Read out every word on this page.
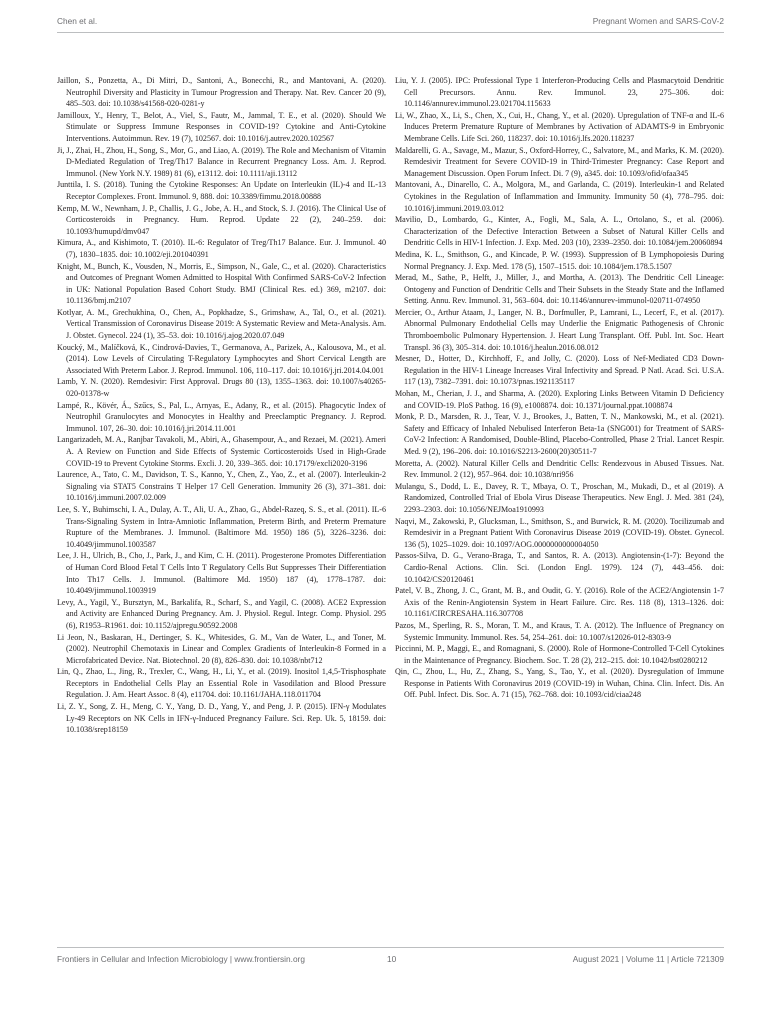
Chen et al.	Pregnant Women and SARS-CoV-2

Jaillon, S., Ponzetta, A., Di Mitri, D., Santoni, A., Bonecchi, R., and Mantovani, A. (2020). Neutrophil Diversity and Plasticity in Tumour Progression and Therapy. Nat. Rev. Cancer 20 (9), 485–503. doi: 10.1038/s41568-020-0281-y

Jamilloux, Y., Henry, T., Belot, A., Viel, S., Fautr, M., Jammal, T. E., et al. (2020). Should We Stimulate or Suppress Immune Responses in COVID-19? Cytokine and Anti-Cytokine Interventions. Autoimmun. Rev. 19 (7), 102567. doi: 10.1016/j.autrev.2020.102567

Ji, J., Zhai, H., Zhou, H., Song, S., Mor, G., and Liao, A. (2019). The Role and Mechanism of Vitamin D-Mediated Regulation of Treg/Th17 Balance in Recurrent Pregnancy Loss. Am. J. Reprod. Immunol. (New York N.Y. 1989) 81 (6), e13112. doi: 10.1111/aji.13112

Junttila, I. S. (2018). Tuning the Cytokine Responses: An Update on Interleukin (IL)-4 and IL-13 Receptor Complexes. Front. Immunol. 9, 888. doi: 10.3389/fimmu.2018.00888

Kemp, M. W., Newnham, J. P., Challis, J. G., Jobe, A. H., and Stock, S. J. (2016). The Clinical Use of Corticosteroids in Pregnancy. Hum. Reprod. Update 22 (2), 240–259. doi: 10.1093/humupd/dmv047

Kimura, A., and Kishimoto, T. (2010). IL-6: Regulator of Treg/Th17 Balance. Eur. J. Immunol. 40 (7), 1830–1835. doi: 10.1002/eji.201040391

Knight, M., Bunch, K., Vousden, N., Morris, E., Simpson, N., Gale, C., et al. (2020). Characteristics and Outcomes of Pregnant Women Admitted to Hospital With Confirmed SARS-CoV-2 Infection in UK: National Population Based Cohort Study. BMJ (Clinical Res. ed.) 369, m2107. doi: 10.1136/bmj.m2107

Kotlyar, A. M., Grechukhina, O., Chen, A., Popkhadze, S., Grimshaw, A., Tal, O., et al. (2021). Vertical Transmission of Coronavirus Disease 2019: A Systematic Review and Meta-Analysis. Am. J. Obstet. Gynecol. 224 (1), 35–53. doi: 10.1016/j.ajog.2020.07.049

Koucký, M., Malíčková, K., Cindrová-Davies, T., Germanova, A., Parizek, A., Kalousova, M., et al. (2014). Low Levels of Circulating T-Regulatory Lymphocytes and Short Cervical Length are Associated With Preterm Labor. J. Reprod. Immunol. 106, 110–117. doi: 10.1016/j.jri.2014.04.001

Lamb, Y. N. (2020). Remdesivir: First Approval. Drugs 80 (13), 1355–1363. doi: 10.1007/s40265-020-01378-w

Lampé, R., Kövér, Á., Szűcs, S., Pal, L., Arnyas, E., Adany, R., et al. (2015). Phagocytic Index of Neutrophil Granulocytes and Monocytes in Healthy and Preeclamptic Pregnancy. J. Reprod. Immunol. 107, 26–30. doi: 10.1016/j.jri.2014.11.001

Langarizadeh, M. A., Ranjbar Tavakoli, M., Abiri, A., Ghasempour, A., and Rezaei, M. (2021). Ameri A. A Review on Function and Side Effects of Systemic Corticosteroids Used in High-Grade COVID-19 to Prevent Cytokine Storms. Excli. J. 20, 339–365. doi: 10.17179/excli2020-3196

Laurence, A., Tato, C. M., Davidson, T. S., Kanno, Y., Chen, Z., Yao, Z., et al. (2007). Interleukin-2 Signaling via STAT5 Constrains T Helper 17 Cell Generation. Immunity 26 (3), 371–381. doi: 10.1016/j.immuni.2007.02.009

Lee, S. Y., Buhimschi, I. A., Dulay, A. T., Ali, U. A., Zhao, G., Abdel-Razeq, S. S., et al. (2011). IL-6 Trans-Signaling System in Intra-Amniotic Inflammation, Preterm Birth, and Preterm Premature Rupture of the Membranes. J. Immunol. (Baltimore Md. 1950) 186 (5), 3226–3236. doi: 10.4049/jimmunol.1003587

Lee, J. H., Ulrich, B., Cho, J., Park, J., and Kim, C. H. (2011). Progesterone Promotes Differentiation of Human Cord Blood Fetal T Cells Into T Regulatory Cells But Suppresses Their Differentiation Into Th17 Cells. J. Immunol. (Baltimore Md. 1950) 187 (4), 1778–1787. doi: 10.4049/jimmunol.1003919

Levy, A., Yagil, Y., Bursztyn, M., Barkalifa, R., Scharf, S., and Yagil, C. (2008). ACE2 Expression and Activity are Enhanced During Pregnancy. Am. J. Physiol. Regul. Integr. Comp. Physiol. 295 (6), R1953–R1961. doi: 10.1152/ajpregu.90592.2008

Li Jeon, N., Baskaran, H., Dertinger, S. K., Whitesides, G. M., Van de Water, L., and Toner, M. (2002). Neutrophil Chemotaxis in Linear and Complex Gradients of Interleukin-8 Formed in a Microfabricated Device. Nat. Biotechnol. 20 (8), 826–830. doi: 10.1038/nbt712

Lin, Q., Zhao, L., Jing, R., Trexler, C., Wang, H., Li, Y., et al. (2019). Inositol 1,4,5-Trisphosphate Receptors in Endothelial Cells Play an Essential Role in Vasodilation and Blood Pressure Regulation. J. Am. Heart Assoc. 8 (4), e11704. doi: 10.1161/JAHA.118.011704

Li, Z. Y., Song, Z. H., Meng, C. Y., Yang, D. D., Yang, Y., and Peng, J. P. (2015). IFN-γ Modulates Ly-49 Receptors on NK Cells in IFN-γ-Induced Pregnancy Failure. Sci. Rep. Uk. 5, 18159. doi: 10.1038/srep18159

Liu, Y. J. (2005). IPC: Professional Type 1 Interferon-Producing Cells and Plasmacytoid Dendritic Cell Precursors. Annu. Rev. Immunol. 23, 275–306. doi: 10.1146/annurev.immunol.23.021704.115633

Li, W., Zhao, X., Li, S., Chen, X., Cui, H., Chang, Y., et al. (2020). Upregulation of TNF-α and IL-6 Induces Preterm Premature Rupture of Membranes by Activation of ADAMTS-9 in Embryonic Membrane Cells. Life Sci. 260, 118237. doi: 10.1016/j.lfs.2020.118237

Maldarelli, G. A., Savage, M., Mazur, S., Oxford-Horrey, C., Salvatore, M., and Marks, K. M. (2020). Remdesivir Treatment for Severe COVID-19 in Third-Trimester Pregnancy: Case Report and Management Discussion. Open Forum Infect. Di. 7 (9), a345. doi: 10.1093/ofid/ofaa345

Mantovani, A., Dinarello, C. A., Molgora, M., and Garlanda, C. (2019). Interleukin-1 and Related Cytokines in the Regulation of Inflammation and Immunity. Immunity 50 (4), 778–795. doi: 10.1016/j.immuni.2019.03.012

Mavilio, D., Lombardo, G., Kinter, A., Fogli, M., Sala, A. L., Ortolano, S., et al. (2006). Characterization of the Defective Interaction Between a Subset of Natural Killer Cells and Dendritic Cells in HIV-1 Infection. J. Exp. Med. 203 (10), 2339–2350. doi: 10.1084/jem.20060894

Medina, K. L., Smithson, G., and Kincade, P. W. (1993). Suppression of B Lymphopoiesis During Normal Pregnancy. J. Exp. Med. 178 (5), 1507–1515. doi: 10.1084/jem.178.5.1507

Merad, M., Sathe, P., Helft, J., Miller, J., and Mortha, A. (2013). The Dendritic Cell Lineage: Ontogeny and Function of Dendritic Cells and Their Subsets in the Steady State and the Inflamed Setting. Annu. Rev. Immunol. 31, 563–604. doi: 10.1146/annurev-immunol-020711-074950

Mercier, O., Arthur Ataam, J., Langer, N. B., Dorfmuller, P., Lamrani, L., Lecerf, F., et al. (2017). Abnormal Pulmonary Endothelial Cells may Underlie the Enigmatic Pathogenesis of Chronic Thromboembolic Pulmonary Hypertension. J. Heart Lung Transplant. Off. Publ. Int. Soc. Heart Transpl. 36 (3), 305–314. doi: 10.1016/j.healun.2016.08.012

Mesner, D., Hotter, D., Kirchhoff, F., and Jolly, C. (2020). Loss of Nef-Mediated CD3 Down-Regulation in the HIV-1 Lineage Increases Viral Infectivity and Spread. P Natl. Acad. Sci. U.S.A. 117 (13), 7382–7391. doi: 10.1073/pnas.1921135117

Mohan, M., Cherian, J. J., and Sharma, A. (2020). Exploring Links Between Vitamin D Deficiency and COVID-19. PloS Pathog. 16 (9), e1008874. doi: 10.1371/journal.ppat.1008874

Monk, P. D., Marsden, R. J., Tear, V. J., Brookes, J., Batten, T. N., Mankowski, M., et al. (2021). Safety and Efficacy of Inhaled Nebulised Interferon Beta-1a (SNG001) for Treatment of SARS-CoV-2 Infection: A Randomised, Double-Blind, Placebo-Controlled, Phase 2 Trial. Lancet Respir. Med. 9 (2), 196–206. doi: 10.1016/S2213-2600(20)30511-7

Moretta, A. (2002). Natural Killer Cells and Dendritic Cells: Rendezvous in Abused Tissues. Nat. Rev. Immunol. 2 (12), 957–964. doi: 10.1038/nri956

Mulangu, S., Dodd, L. E., Davey, R. T., Mbaya, O. T., Proschan, M., Mukadi, D., et al (2019). A Randomized, Controlled Trial of Ebola Virus Disease Therapeutics. New Engl. J. Med. 381 (24), 2293–2303. doi: 10.1056/NEJMoa1910993

Naqvi, M., Zakowski, P., Glucksman, L., Smithson, S., and Burwick, R. M. (2020). Tocilizumab and Remdesivir in a Pregnant Patient With Coronavirus Disease 2019 (COVID-19). Obstet. Gynecol. 136 (5), 1025–1029. doi: 10.1097/AOG.0000000000004050

Passos-Silva, D. G., Verano-Braga, T., and Santos, R. A. (2013). Angiotensin-(1-7): Beyond the Cardio-Renal Actions. Clin. Sci. (London Engl. 1979). 124 (7), 443–456. doi: 10.1042/CS20120461

Patel, V. B., Zhong, J. C., Grant, M. B., and Oudit, G. Y. (2016). Role of the ACE2/Angiotensin 1-7 Axis of the Renin-Angiotensin System in Heart Failure. Circ. Res. 118 (8), 1313–1326. doi: 10.1161/CIRCRESAHA.116.307708

Pazos, M., Sperling, R. S., Moran, T. M., and Kraus, T. A. (2012). The Influence of Pregnancy on Systemic Immunity. Immunol. Res. 54, 254–261. doi: 10.1007/s12026-012-8303-9

Piccinni, M. P., Maggi, E., and Romagnani, S. (2000). Role of Hormone-Controlled T-Cell Cytokines in the Maintenance of Pregnancy. Biochem. Soc. T. 28 (2), 212–215. doi: 10.1042/bst0280212

Qin, C., Zhou, L., Hu, Z., Zhang, S., Yang, S., Tao, Y., et al. (2020). Dysregulation of Immune Response in Patients With Coronavirus 2019 (COVID-19) in Wuhan, China. Clin. Infect. Dis. An Off. Publ. Infect. Dis. Soc. A. 71 (15), 762–768. doi: 10.1093/cid/ciaa248

Frontiers in Cellular and Infection Microbiology | www.frontiersin.org	10	August 2021 | Volume 11 | Article 721309
